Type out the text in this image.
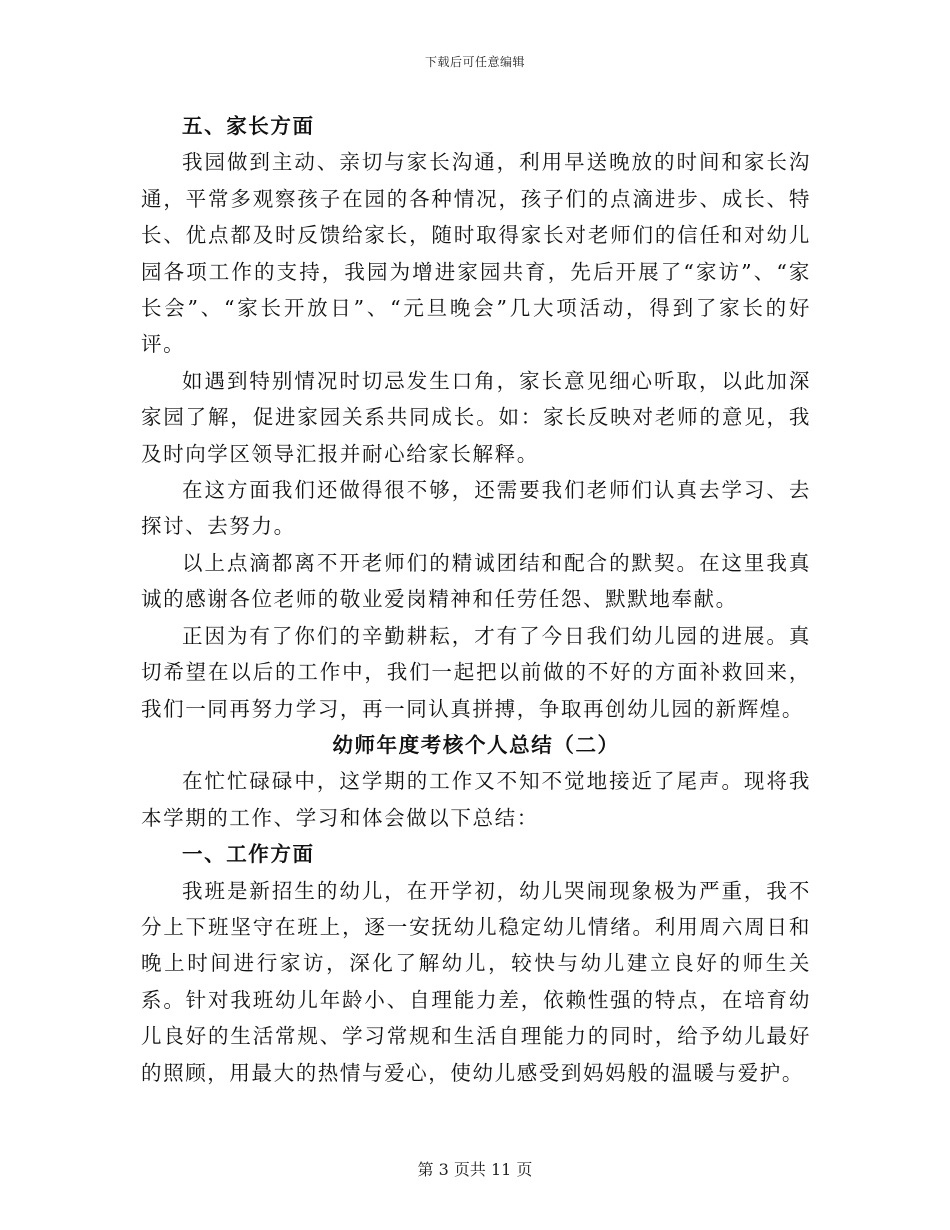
下载后可任意编辑

五、家长方面

我园做到主动、亲切与家长沟通，利用早送晚放的时间和家长沟通，平常多观察孩子在园的各种情况，孩子们的点滴进步、成长、特长、优点都及时反馈给家长，随时取得家长对老师们的信任和对幼儿园各项工作的支持，我园为增进家园共育，先后开展了“家访”、“家长会”、“家长开放日”、“元旦晚会”几大项活动，得到了家长的好评。

如遇到特别情况时切忌发生口角，家长意见细心听取，以此加深家园了解，促进家园关系共同成长。如：家长反映对老师的意见，我及时向学区领导汇报并耐心给家长解释。

在这方面我们还做得很不够，还需要我们老师们认真去学习、去探讨、去努力。

以上点滴都离不开老师们的精诚团结和配合的默契。在这里我真诚的感谢各位老师的敬业爱岗精神和任劳任怨、默默地奉献。

正因为有了你们的辛勤耕耘，才有了今日我们幼儿园的进展。真切希望在以后的工作中，我们一起把以前做的不好的方面补救回来，我们一同再努力学习，再一同认真拼搏，争取再创幼儿园的新辉煌。

幼师年度考核个人总结（二）

在忙忙碌碌中，这学期的工作又不知不觉地接近了尾声。现将我本学期的工作、学习和体会做以下总结：

一、工作方面

我班是新招生的幼儿，在开学初，幼儿哭闹现象极为严重，我不分上下班坚守在班上，逐一安抚幼儿稳定幼儿情绪。利用周六周日和晚上时间进行家访，深化了解幼儿，较快与幼儿建立良好的师生关系。针对我班幼儿年龄小、自理能力差，依赖性强的特点，在培育幼儿良好的生活常规、学习常规和生活自理能力的同时，给予幼儿最好的照顾，用最大的热情与爱心，使幼儿感受到妈妈般的温暖与爱护。

第 3 页共 11 页
